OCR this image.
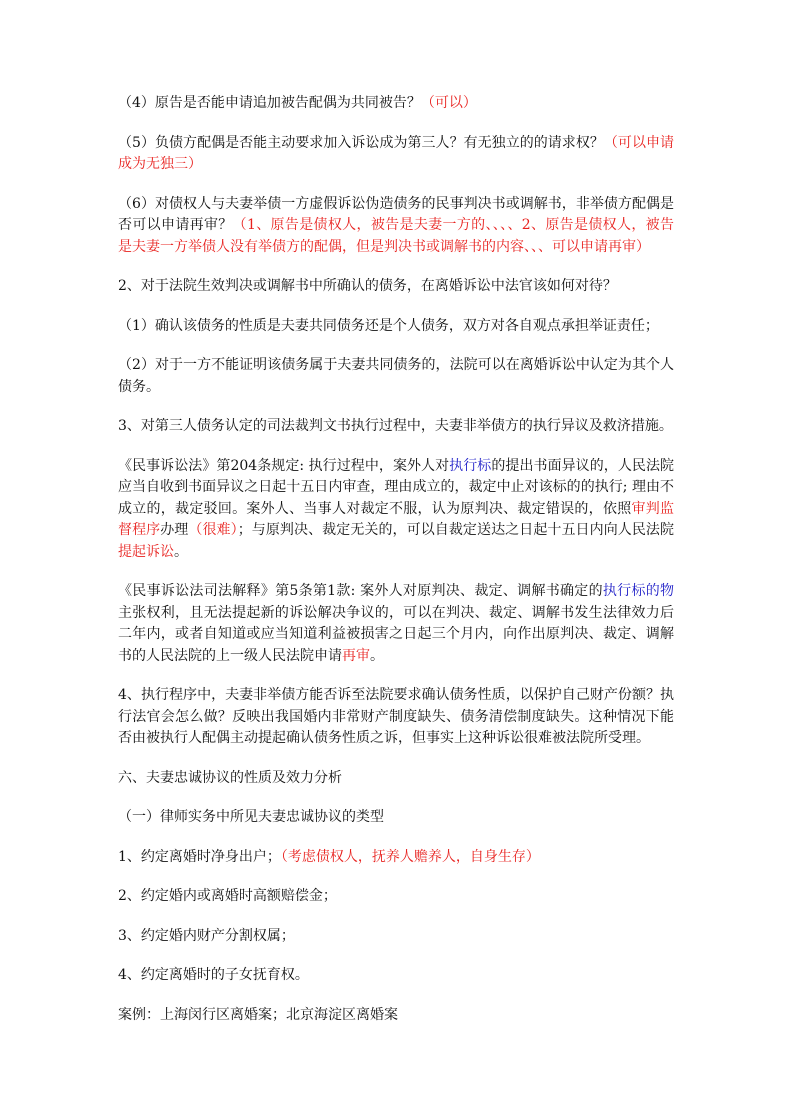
（4）原告是否能申请追加被告配偶为共同被告？（可以）

（5）负债方配偶是否能主动要求加入诉讼成为第三人？有无独立的的请求权？（可以申请成为无独三）

（6）对债权人与夫妻举债一方虚假诉讼伪造债务的民事判决书或调解书，非举债方配偶是否可以申请再审？（1、原告是债权人，被告是夫妻一方的、、、、2、原告是债权人，被告是夫妻一方举债人没有举债方的配偶，但是判决书或调解书的内容、、、可以申请再审）

2、对于法院生效判决或调解书中所确认的债务，在离婚诉讼中法官该如何对待？

（1）确认该债务的性质是夫妻共同债务还是个人债务，双方对各自观点承担举证责任；

（2）对于一方不能证明该债务属于夫妻共同债务的，法院可以在离婚诉讼中认定为其个人债务。

3、对第三人债务认定的司法裁判文书执行过程中，夫妻非举债方的执行异议及救济措施。

《民事诉讼法》第204条规定: 执行过程中，案外人对执行标的提出书面异议的，人民法院应当自收到书面异议之日起十五日内审查，理由成立的，裁定中止对该标的的执行; 理由不成立的，裁定驳回。案外人、当事人对裁定不服，认为原判决、裁定错误的，依照审判监督程序办理（很难）；与原判决、裁定无关的，可以自裁定送达之日起十五日内向人民法院提起诉讼。

《民事诉讼法司法解释》第5条第1款: 案外人对原判决、裁定、调解书确定的执行标的物主张权利，且无法提起新的诉讼解决争议的，可以在判决、裁定、调解书发生法律效力后二年内，或者自知道或应当知道利益被损害之日起三个月内，向作出原判决、裁定、调解书的人民法院的上一级人民法院申请再审。

4、执行程序中，夫妻非举债方能否诉至法院要求确认债务性质，以保护自己财产份额？执行法官会怎么做？反映出我国婚内非常财产制度缺失、债务清偿制度缺失。这种情况下能否由被执行人配偶主动提起确认债务性质之诉，但事实上这种诉讼很难被法院所受理。

六、夫妻忠诚协议的性质及效力分析

（一）律师实务中所见夫妻忠诚协议的类型

1、约定离婚时净身出户；（考虑债权人，抚养人赡养人，自身生存）

2、约定婚内或离婚时高额赔偿金；

3、约定婚内财产分割权属；

4、约定离婚时的子女抚育权。

案例：上海闵行区离婚案；北京海淀区离婚案
